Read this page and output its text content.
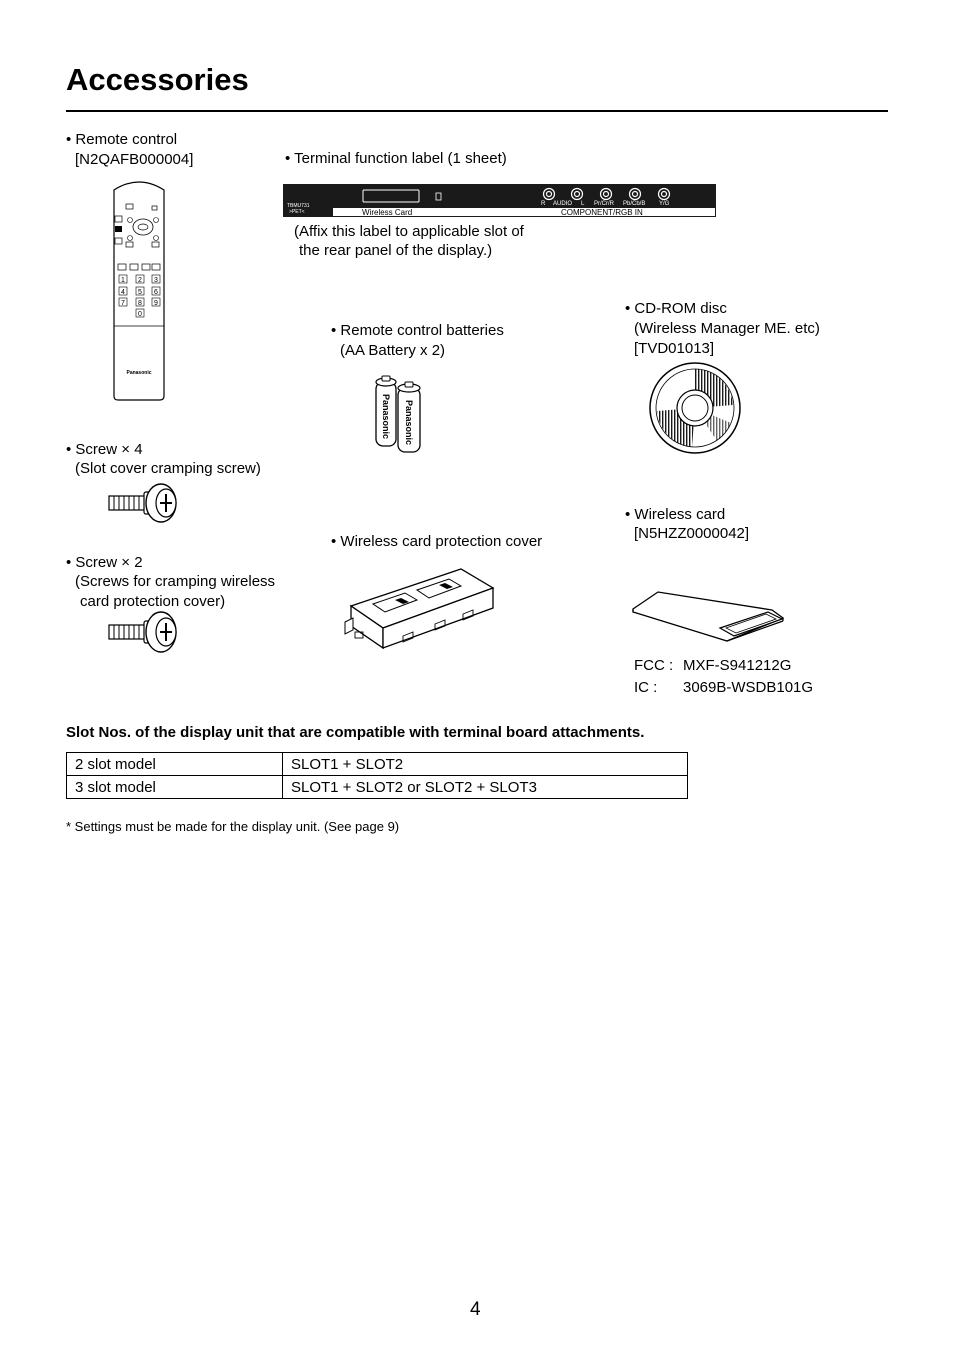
Accessories
• Remote control
[N2QAFB000004]
1 2 3
4 5 6
7 8 9
0
Panasonic
• Terminal function label (1 sheet)
TBMU731
>PET<
R AUDIO L Pr/Cr/R Pb/Cb/B Y/G
Wireless Card	COMPONENT/RGB IN
(Affix this label to applicable slot of
the rear panel of the display.)
• CD-ROM disc
(Wireless Manager ME. etc)
[TVD01013]
• Remote control batteries
(AA Battery x 2)
Panasonic Panasonic
• Screw × 4
(Slot cover cramping screw)
• Wireless card
[N5HZZ0000042]
FCC : MXF-S941212G
IC : 3069B-WSDB101G
• Wireless card protection cover
• Screw × 2
(Screws for cramping wireless
card protection cover)
Slot Nos. of the display unit that are compatible with terminal board attachments.
2 slot model	SLOT1 + SLOT2
3 slot model	SLOT1 + SLOT2 or SLOT2 + SLOT3
* Settings must be made for the display unit. (See page 9)
4
